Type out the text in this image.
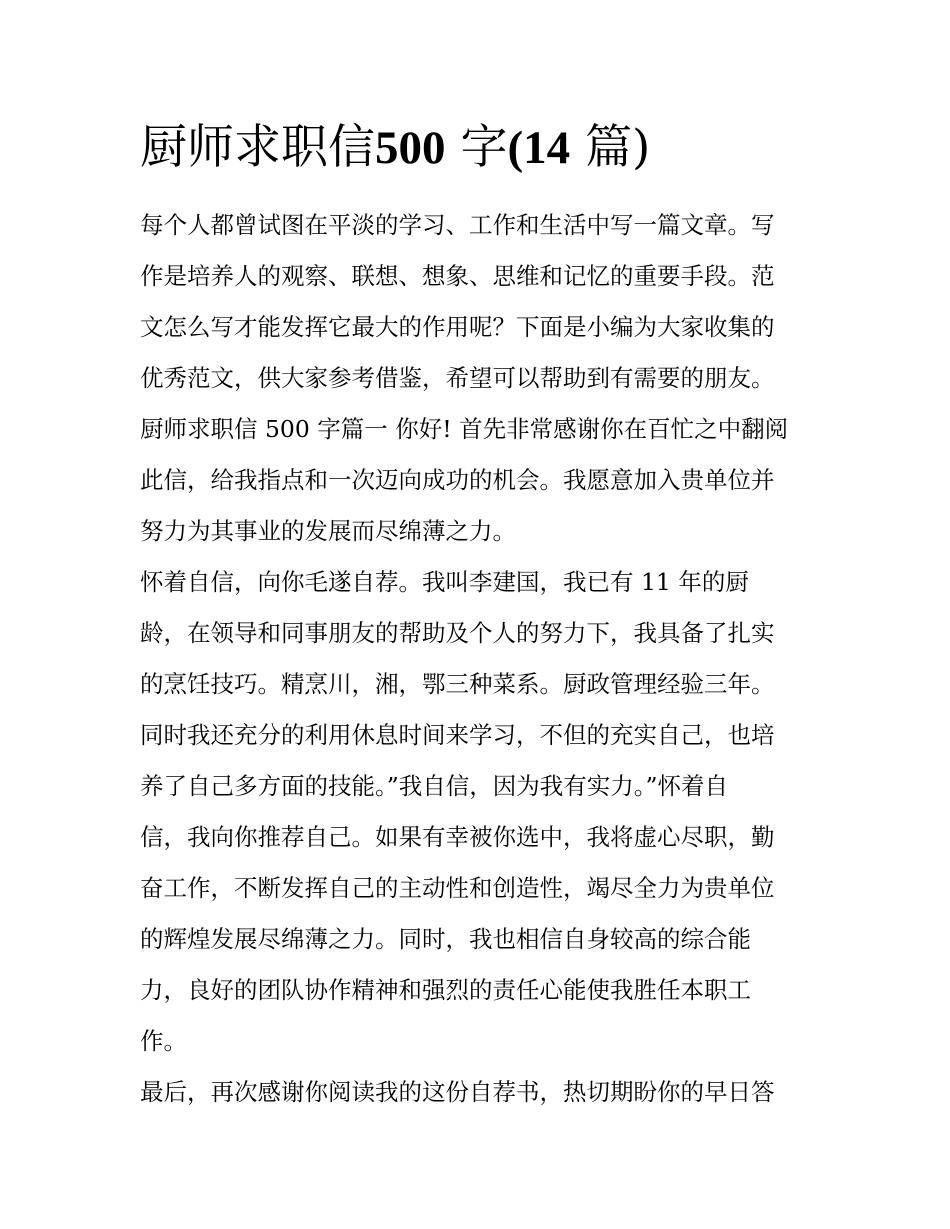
厨师求职信500 字(14 篇)
每个人都曾试图在平淡的学习、工作和生活中写一篇文章。写
作是培养人的观察、联想、想象、思维和记忆的重要手段。范
文怎么写才能发挥它最大的作用呢？下面是小编为大家收集的
优秀范文，供大家参考借鉴，希望可以帮助到有需要的朋友。
厨师求职信 500 字篇一 你好! 首先非常感谢你在百忙之中翻阅
此信，给我指点和一次迈向成功的机会。我愿意加入贵单位并
努力为其事业的发展而尽绵薄之力。
怀着自信，向你毛遂自荐。我叫李建国，我已有 11 年的厨
龄，在领导和同事朋友的帮助及个人的努力下，我具备了扎实
的烹饪技巧。精烹川，湘，鄂三种菜系。厨政管理经验三年。
同时我还充分的利用休息时间来学习，不但的充实自己，也培
养了自己多方面的技能。”我自信，因为我有实力。”怀着自
信，我向你推荐自己。如果有幸被你选中，我将虚心尽职，勤
奋工作，不断发挥自己的主动性和创造性，竭尽全力为贵单位
的辉煌发展尽绵薄之力。同时，我也相信自身较高的综合能
力，良好的团队协作精神和强烈的责任心能使我胜任本职工
作。
最后，再次感谢你阅读我的这份自荐书，热切期盼你的早日答
